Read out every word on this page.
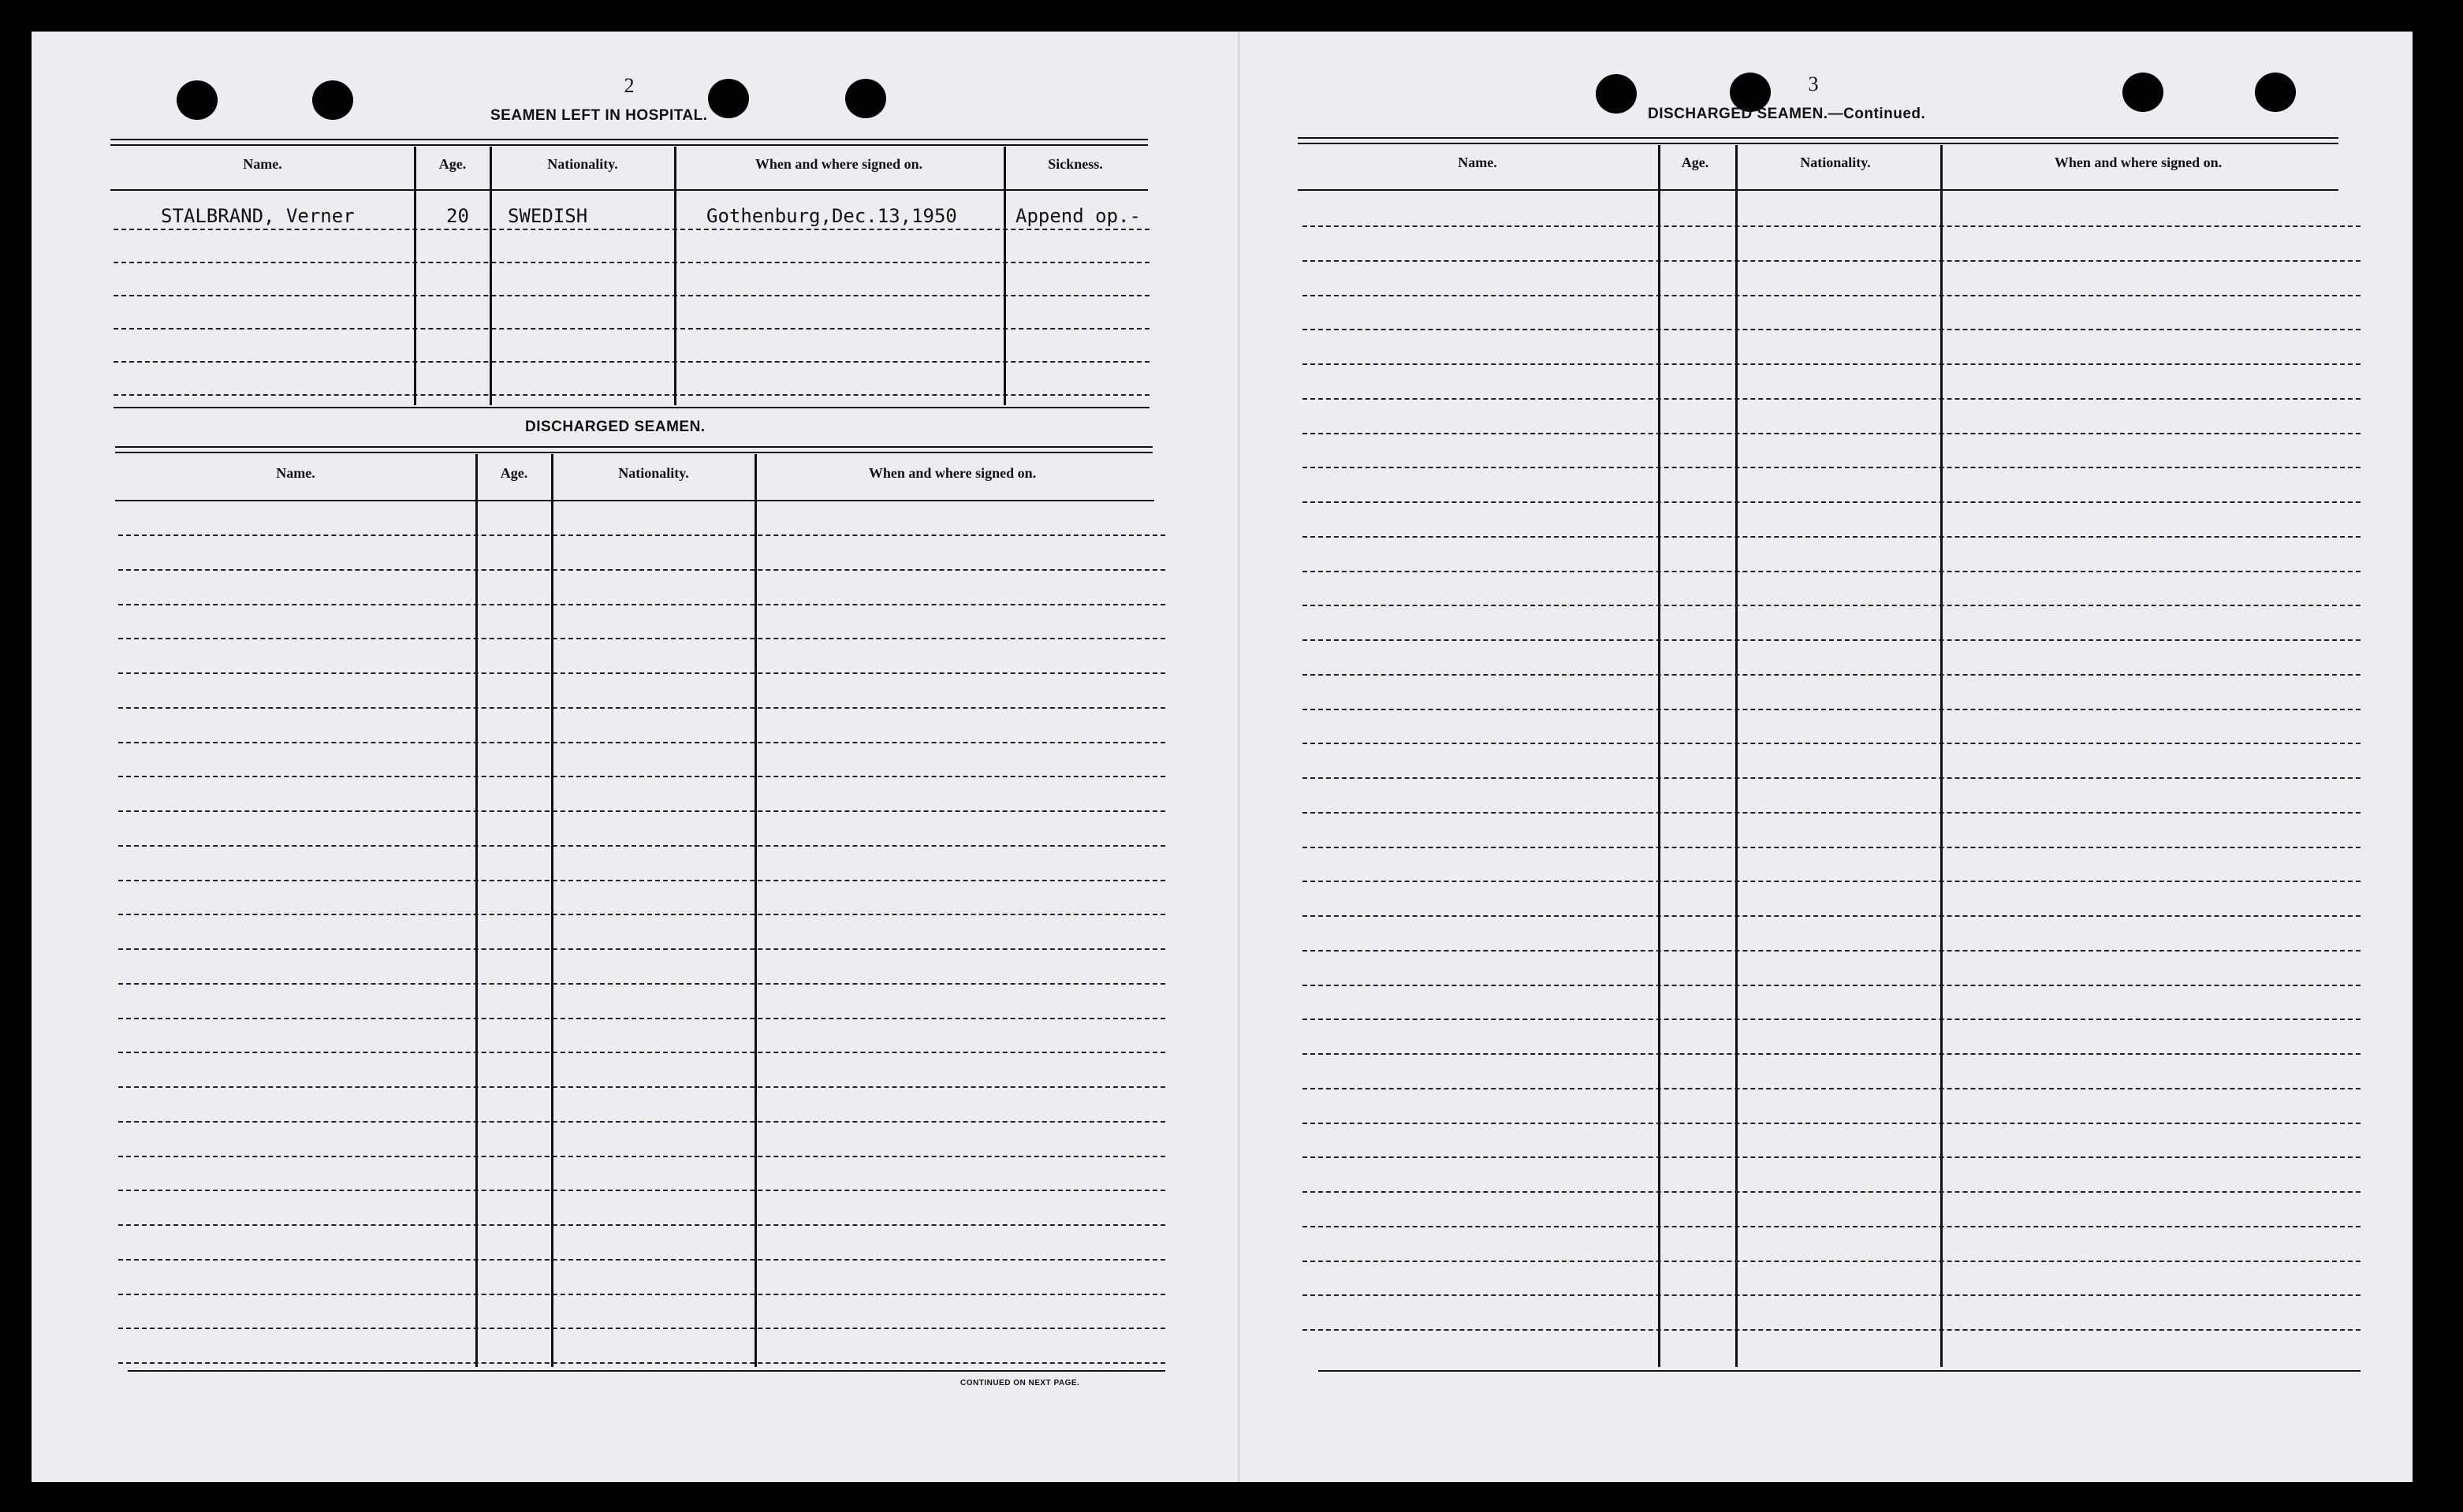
2
SEAMEN LEFT IN HOSPITAL.
Name.	Age.	Nationality.	When and where signed on.	Sickness.
STALBRAND, Verner	20 SWEDISH	Gothenburg,Dec.13,1950	Append op.-
DISCHARGED SEAMEN.
Name.	Age.	Nationality.	When and where signed on.
CONTINUED ON NEXT PAGE.
3
DISCHARGED SEAMEN.—Continued.
Name.	Age.	Nationality.	When and where signed on.
